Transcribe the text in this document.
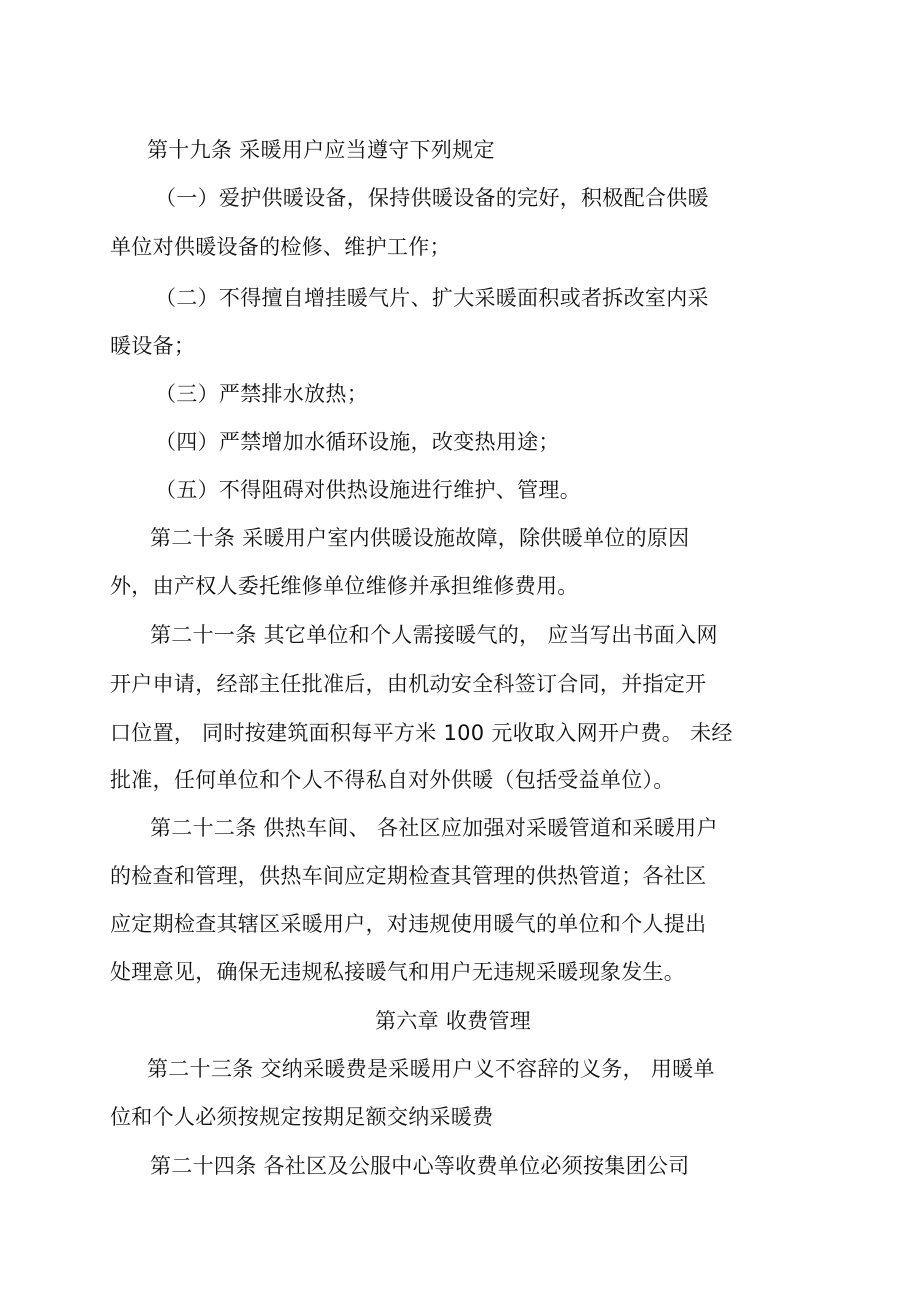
第十九条 采暖用户应当遵守下列规定
（一）爱护供暖设备，保持供暖设备的完好，积极配合供暖
单位对供暖设备的检修、维护工作；
（二）不得擅自增挂暖气片、扩大采暖面积或者拆改室内采
暖设备；
（三）严禁排水放热；
（四）严禁增加水循环设施，改变热用途；
（五）不得阻碍对供热设施进行维护、管理。
第二十条 采暖用户室内供暖设施故障，除供暖单位的原因
外，由产权人委托维修单位维修并承担维修费用。
第二十一条 其它单位和个人需接暖气的， 应当写出书面入网
开户申请，经部主任批准后，由机动安全科签订合同，并指定开
口位置， 同时按建筑面积每平方米 100 元收取入网开户费。 未经
批准，任何单位和个人不得私自对外供暖（包括受益单位）。
第二十二条 供热车间、 各社区应加强对采暖管道和采暖用户
的检查和管理，供热车间应定期检查其管理的供热管道；各社区
应定期检查其辖区采暖用户，对违规使用暖气的单位和个人提出
处理意见，确保无违规私接暖气和用户无违规采暖现象发生。
第六章 收费管理
第二十三条 交纳采暖费是采暖用户义不容辞的义务， 用暖单
位和个人必须按规定按期足额交纳采暖费
第二十四条 各社区及公服中心等收费单位必须按集团公司
